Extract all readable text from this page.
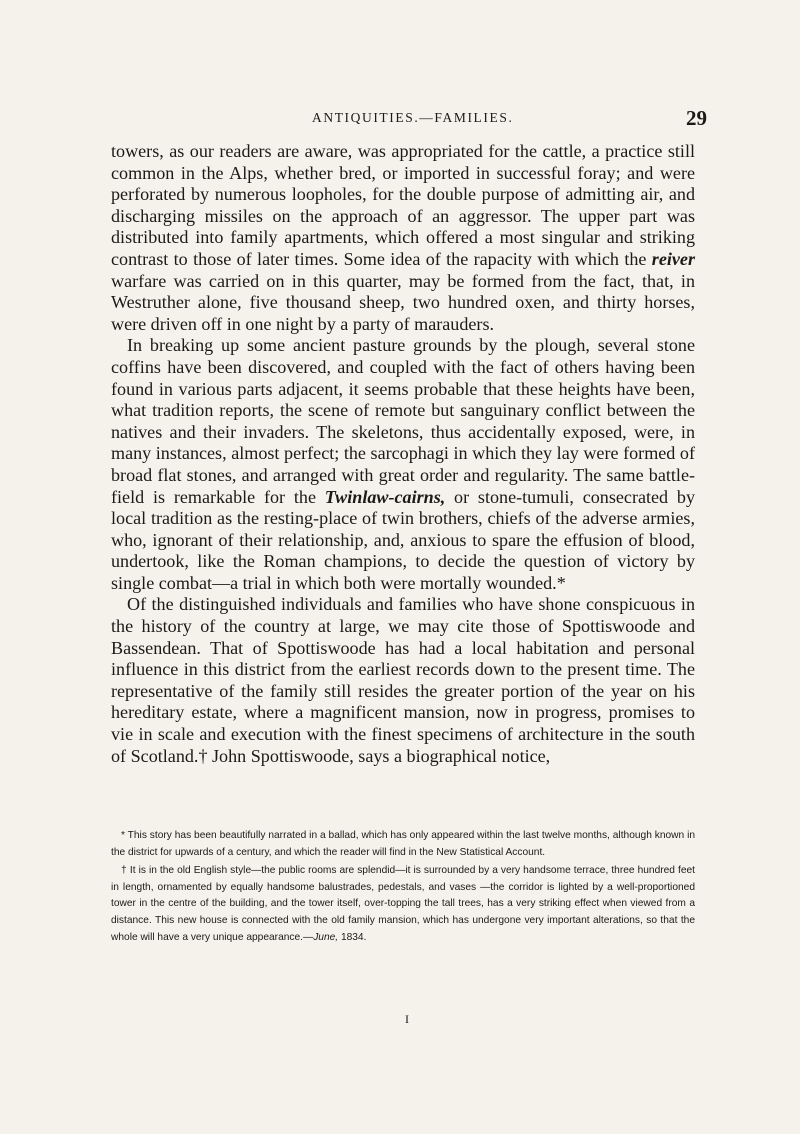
ANTIQUITIES.—FAMILIES.	29

towers, as our readers are aware, was appropriated for the cattle, a practice still common in the Alps, whether bred, or imported in successful foray; and were perforated by numerous loopholes, for the double purpose of admitting air, and discharging missiles on the approach of an aggressor. The upper part was distributed into family apartments, which offered a most singular and striking contrast to those of later times. Some idea of the rapacity with which the reiver warfare was carried on in this quarter, may be formed from the fact, that, in Westruther alone, five thousand sheep, two hundred oxen, and thirty horses, were driven off in one night by a party of marauders.

In breaking up some ancient pasture grounds by the plough, several stone coffins have been discovered, and coupled with the fact of others having been found in various parts adjacent, it seems probable that these heights have been, what tradition reports, the scene of remote but sanguinary conflict between the natives and their invaders. The skeletons, thus accidentally exposed, were, in many instances, almost perfect; the sarcophagi in which they lay were formed of broad flat stones, and arranged with great order and regularity. The same battle-field is remarkable for the Twinlaw-cairns, or stone-tumuli, consecrated by local tradition as the resting-place of twin brothers, chiefs of the adverse armies, who, ignorant of their relationship, and, anxious to spare the effusion of blood, undertook, like the Roman champions, to decide the question of victory by single combat—a trial in which both were mortally wounded.*

Of the distinguished individuals and families who have shone conspicuous in the history of the country at large, we may cite those of Spottiswoode and Bassendean. That of Spottiswoode has had a local habitation and personal influence in this district from the earliest records down to the present time. The representative of the family still resides the greater portion of the year on his hereditary estate, where a magnificent mansion, now in progress, promises to vie in scale and execution with the finest specimens of architecture in the south of Scotland.† John Spottiswoode, says a biographical notice,

* This story has been beautifully narrated in a ballad, which has only appeared within the last twelve months, although known in the district for upwards of a century, and which the reader will find in the New Statistical Account.

† It is in the old English style—the public rooms are splendid—it is surrounded by a very handsome terrace, three hundred feet in length, ornamented by equally handsome balustrades, pedestals, and vases —the corridor is lighted by a well-proportioned tower in the centre of the building, and the tower itself, over-topping the tall trees, has a very striking effect when viewed from a distance. This new house is connected with the old family mansion, which has undergone very important alterations, so that the whole will have a very unique appearance.—June, 1834.

I
